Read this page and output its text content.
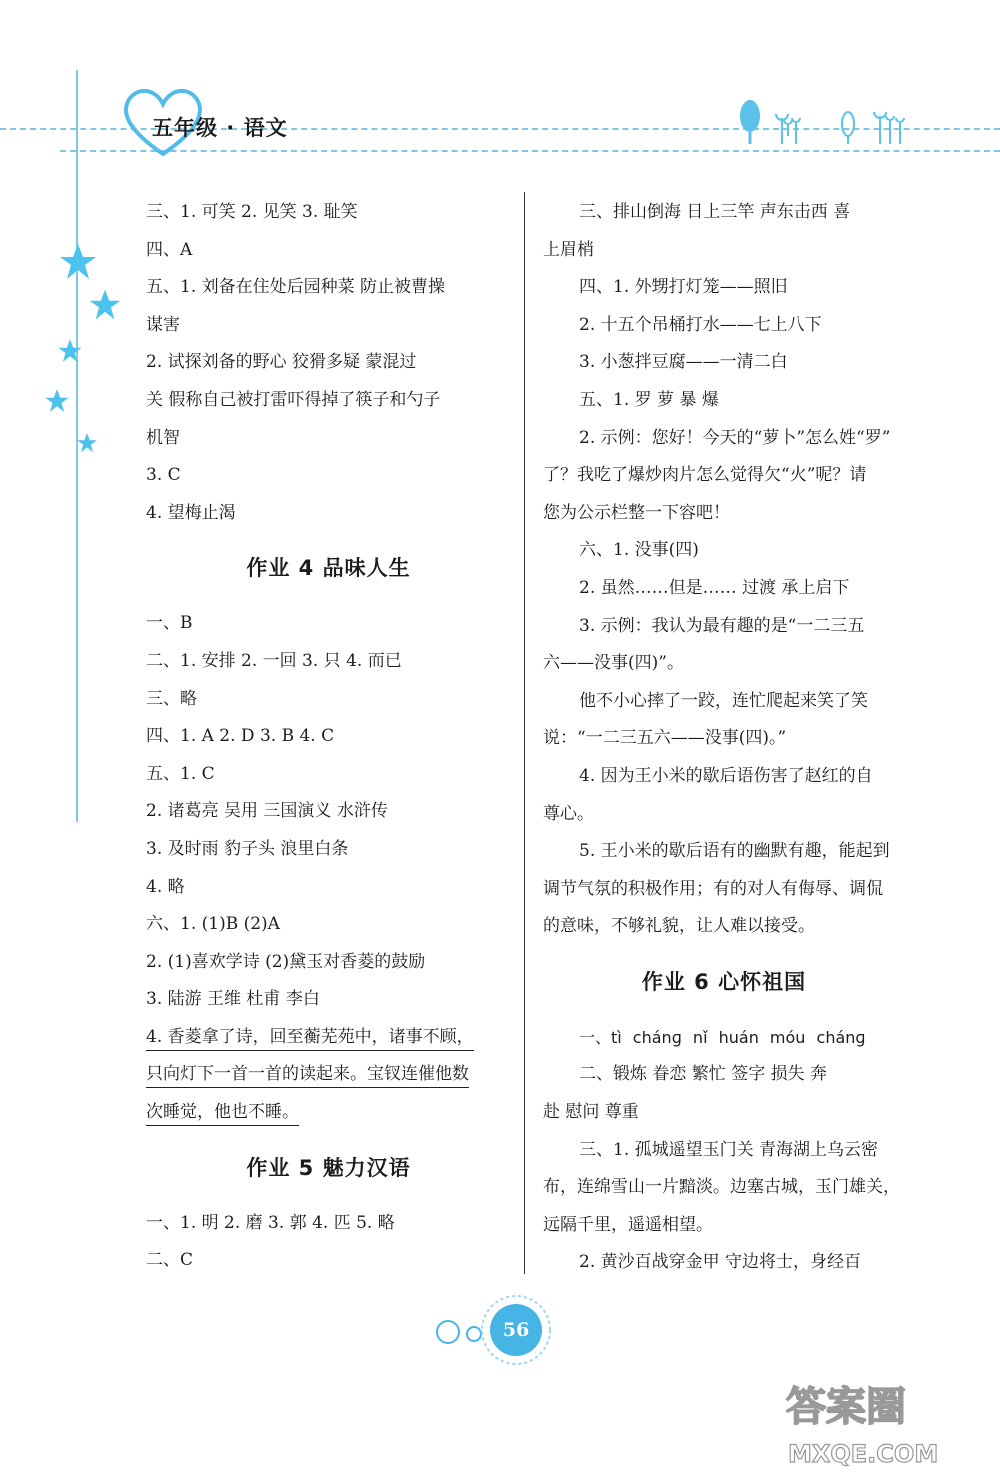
五年级 · 语文
三、1. 可笑 2. 见笑 3. 耻笑
四、A
五、1. 刘备在住处后园种菜 防止被曹操
谋害
2. 试探刘备的野心 狡猾多疑 蒙混过
关 假称自己被打雷吓得掉了筷子和勺子
机智
3. C
4. 望梅止渴
作业 4 品味人生
一、B
二、1. 安排 2. 一回 3. 只 4. 而已
三、略
四、1. A 2. D 3. B 4. C
五、1. C
2. 诸葛亮 吴用 三国演义 水浒传
3. 及时雨 豹子头 浪里白条
4. 略
六、1. (1)B (2)A
2. (1)喜欢学诗 (2)黛玉对香菱的鼓励
3. 陆游 王维 杜甫 李白
4. 香菱拿了诗，回至蘅芜苑中，诸事不顾，
只向灯下一首一首的读起来。宝钗连催他数
次睡觉，他也不睡。
作业 5 魅力汉语
一、1. 明 2. 磨 3. 郭 4. 匹 5. 略
二、C
三、排山倒海 日上三竿 声东击西 喜
上眉梢
四、1. 外甥打灯笼——照旧
2. 十五个吊桶打水——七上八下
3. 小葱拌豆腐——一清二白
五、1. 罗 萝 暴 爆
2. 示例：您好！今天的“萝卜”怎么姓“罗”
了？我吃了爆炒肉片怎么觉得欠“火”呢？请
您为公示栏整一下容吧！
六、1. 没事(四)
2. 虽然……但是…… 过渡 承上启下
3. 示例：我认为最有趣的是“一二三五
六——没事(四)”。
他不小心摔了一跤，连忙爬起来笑了笑
说：“一二三五六——没事(四)。”
4. 因为王小米的歇后语伤害了赵红的自
尊心。
5. 王小米的歇后语有的幽默有趣，能起到
调节气氛的积极作用；有的对人有侮辱、调侃
的意味，不够礼貌，让人难以接受。
作业 6 心怀祖国
一、tì chánɡ nǐ huán móu chánɡ
二、锻炼 眷恋 繁忙 签字 损失 奔
赴 慰问 尊重
三、1. 孤城遥望玉门关 青海湖上乌云密
布，连绵雪山一片黯淡。边塞古城，玉门雄关，
远隔千里，遥遥相望。
2. 黄沙百战穿金甲 守边将士，身经百
56
答案圈
MXQE.COM
